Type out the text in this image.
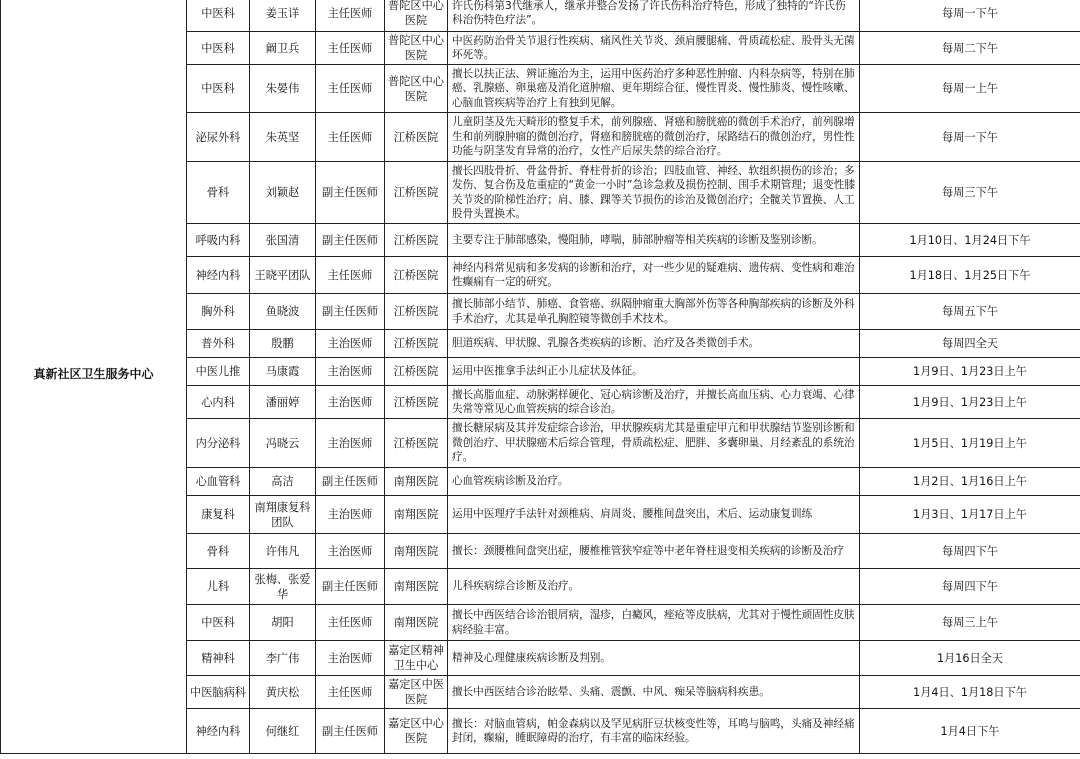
真新社区卫生服务中心	中医科	姜玉详	主任医师	普陀区中心医院	许氏伤科第3代继承人，继承并整合发扬了许氏伤科治疗特色，形成了独特的“许氏伤科治伤特色疗法”。	每周一下午
	中医科	阚卫兵	主任医师	普陀区中心医院	中医药防治骨关节退行性疾病、痛风性关节炎、颈肩腰腿痛、骨质疏松症、股骨头无菌坏死等。	每周二下午
	中医科	朱晏伟	主任医师	普陀区中心医院	擅长以扶正法、辨证施治为主，运用中医药治疗多种恶性肿瘤、内科杂病等，特别在肺癌、乳腺癌、卵巢癌及消化道肿瘤、更年期综合征、慢性胃炎、慢性肺炎、慢性咳嗽、心脑血管疾病等治疗上有独到见解。	每周一上午
	泌尿外科	朱英坚	主任医师	江桥医院	儿童阴茎及先天畸形的整复手术，前列腺癌、肾癌和膀胱癌的微创手术治疗，前列腺增生和前列腺肿瘤的微创治疗，肾癌和膀胱癌的微创治疗，尿路结石的微创治疗，男性性功能与阴茎发育异常的治疗，女性产后尿失禁的综合治疗。	每周一下午
	骨科	刘颖赵	副主任医师	江桥医院	擅长四肢骨折、骨盆骨折、脊柱骨折的诊治；四肢血管、神经、软组织损伤的诊治；多发伤、复合伤及危重症的“黄金一小时”急诊急救及损伤控制、围手术期管理；退变性膝关节炎的阶梯性治疗；肩、膝、踝等关节损伤的诊治及微创治疗；全髋关节置换、人工股骨头置换术。	每周三下午
	呼吸内科	张国清	副主任医师	江桥医院	主要专注于肺部感染，慢阻肺，哮喘，肺部肿瘤等相关疾病的诊断及鉴别诊断。	1月10日、1月24日下午
	神经内科	王晓平团队	主任医师	江桥医院	神经内科常见病和多发病的诊断和治疗，对一些少见的疑难病、遗传病、变性病和难治性癫痫有一定的研究。	1月18日、1月25日下午
	胸外科	鱼晓波	副主任医师	江桥医院	擅长肺部小结节、肺癌、食管癌、纵隔肿瘤重大胸部外伤等各种胸部疾病的诊断及外科手术治疗，尤其是单孔胸腔镜等微创手术技术。	每周五下午
	普外科	殷鹏	主治医师	江桥医院	胆道疾病、甲状腺、乳腺各类疾病的诊断、治疗及各类微创手术。	每周四全天
	中医儿推	马康霞	主治医师	江桥医院	运用中医推拿手法纠正小儿症状及体征。	1月9日、1月23日上午
	心内科	潘丽婷	主治医师	江桥医院	擅长高脂血症、动脉粥样硬化、冠心病诊断及治疗，并擅长高血压病、心力衰竭、心律失常等常见心血管疾病的综合诊治。	1月9日、1月23日上午
	内分泌科	冯晓云	主治医师	江桥医院	擅长糖尿病及其并发症综合诊治，甲状腺疾病尤其是重症甲亢和甲状腺结节鉴别诊断和微创治疗、甲状腺癌术后综合管理，骨质疏松症、肥胖、多囊卵巢、月经紊乱的系统治疗。	1月5日、1月19日上午
	心血管科	高洁	副主任医师	南翔医院	心血管疾病诊断及治疗。	1月2日、1月16日上午
	康复科	南翔康复科团队	主治医师	南翔医院	运用中医理疗手法针对颈椎病、肩周炎、腰椎间盘突出，术后、运动康复训练	1月3日、1月17日上午
	骨科	许伟凡	主治医师	南翔医院	擅长：颈腰椎间盘突出症，腰椎椎管狭窄症等中老年脊柱退变相关疾病的诊断及治疗	每周四下午
	儿科	张梅、张爱华	副主任医师	南翔医院	儿科疾病综合诊断及治疗。	每周四下午
	中医科	胡阳	主任医师	南翔医院	擅长中西医结合诊治银屑病，湿疹，白癜风，痤疮等皮肤病，尤其对于慢性顽固性皮肤病经验丰富。	每周三上午
	精神科	李广伟	主治医师	嘉定区精神卫生中心	精神及心理健康疾病诊断及判别。	1月16日全天
	中医脑病科	黄庆松	主任医师	嘉定区中医医院	擅长中西医结合诊治眩晕、头痛、震颤、中风、痴呆等脑病科疾患。	1月4日、1月18日下午
	神经内科	何继红	副主任医师	嘉定区中心医院	擅长：对脑血管病，帕金森病以及罕见病肝豆状核变性等，耳鸣与脑鸣，头痛及神经痛封闭，癫痫，睡眠障碍的治疗，有丰富的临床经验。	1月4日下午
